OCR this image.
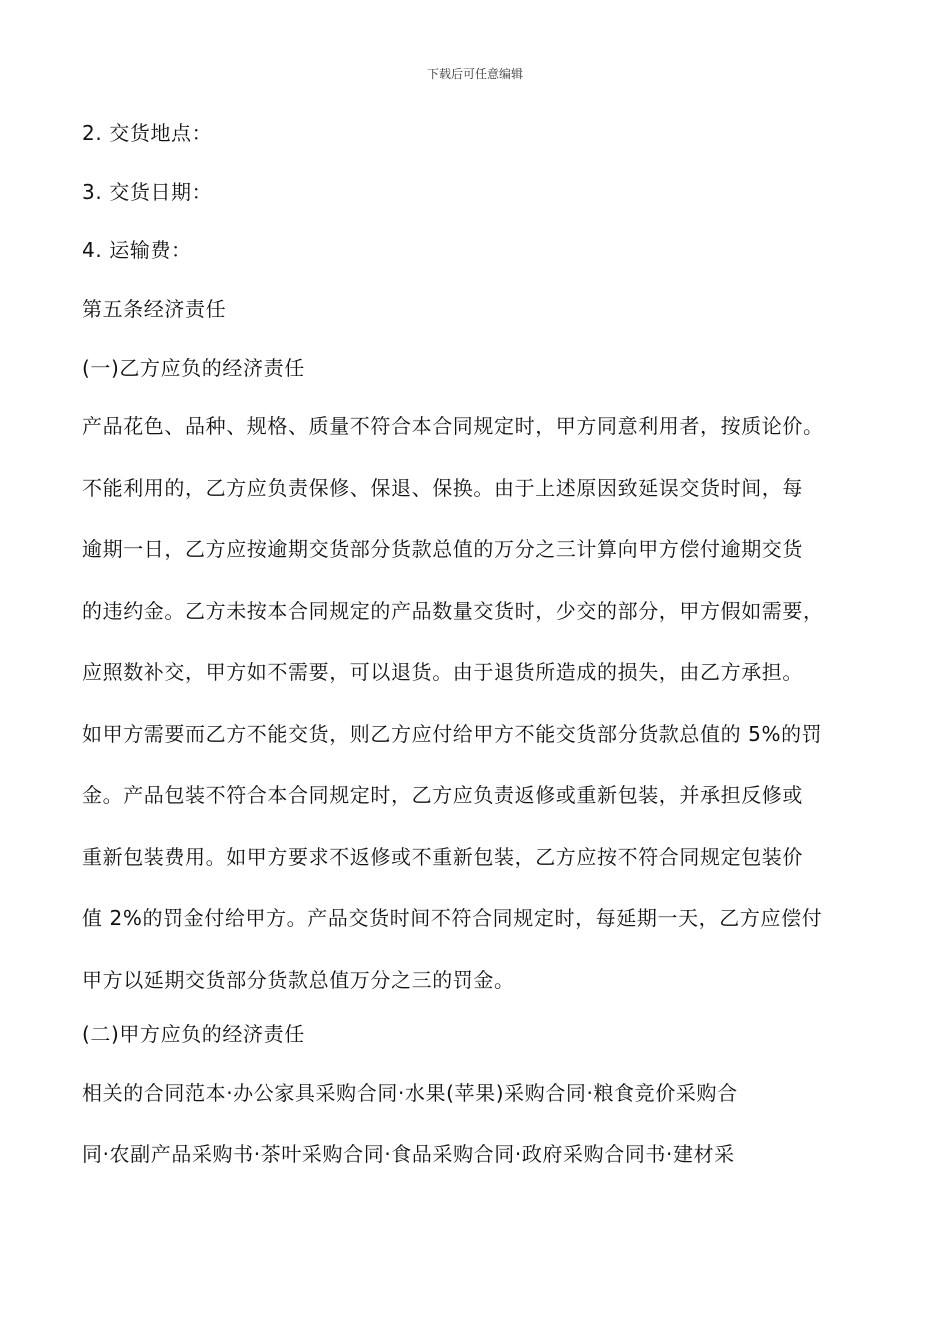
下载后可任意编辑
2. 交货地点：
3. 交货日期：
4. 运输费：
第五条经济责任
(一)乙方应负的经济责任
产品花色、品种、规格、质量不符合本合同规定时，甲方同意利用者，按质论价。
不能利用的，乙方应负责保修、保退、保换。由于上述原因致延误交货时间，每
逾期一日，乙方应按逾期交货部分货款总值的万分之三计算向甲方偿付逾期交货
的违约金。乙方未按本合同规定的产品数量交货时，少交的部分，甲方假如需要，
应照数补交，甲方如不需要，可以退货。由于退货所造成的损失，由乙方承担。
如甲方需要而乙方不能交货，则乙方应付给甲方不能交货部分货款总值的 5%的罚
金。产品包装不符合本合同规定时，乙方应负责返修或重新包装，并承担反修或
重新包装费用。如甲方要求不返修或不重新包装，乙方应按不符合同规定包装价
值 2%的罚金付给甲方。产品交货时间不符合同规定时，每延期一天，乙方应偿付
甲方以延期交货部分货款总值万分之三的罚金。
(二)甲方应负的经济责任
相关的合同范本·办公家具采购合同·水果(苹果)采购合同·粮食竞价采购合
同·农副产品采购书·茶叶采购合同·食品采购合同·政府采购合同书·建材采
